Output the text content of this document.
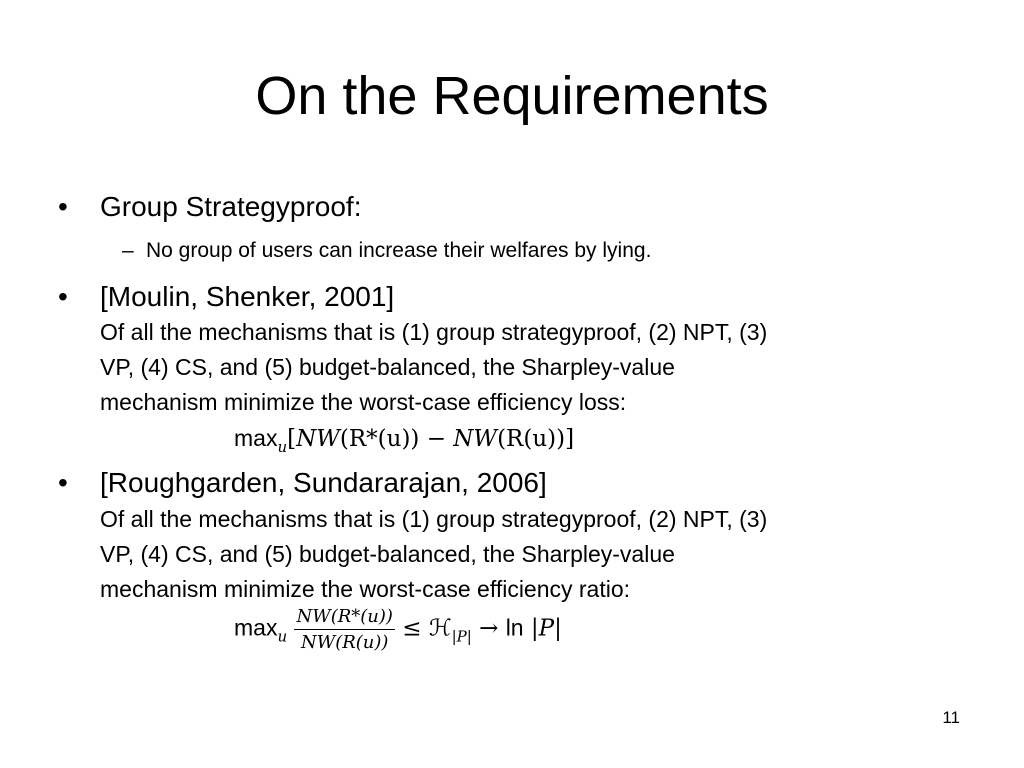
On the Requirements
• Group Strategyproof:
– No group of users can increase their welfares by lying.
• [Moulin, Shenker, 2001]
Of all the mechanisms that is (1) group strategyproof, (2) NPT, (3)
VP, (4) CS, and (5) budget-balanced, the Sharpley-value
mechanism minimize the worst-case efficiency loss:
$\max_u[NW(R*(u)) - NW(R(u))]$
• [Roughgarden, Sundararajan, 2006]
Of all the mechanisms that is (1) group strategyproof, (2) NPT, (3)
VP, (4) CS, and (5) budget-balanced, the Sharpley-value
mechanism minimize the worst-case efficiency ratio:
$\max_u \frac{NW(R*(u))}{NW(R(u))}$ ≤ ℋ$_{|P|}$ → ln |P|
11
